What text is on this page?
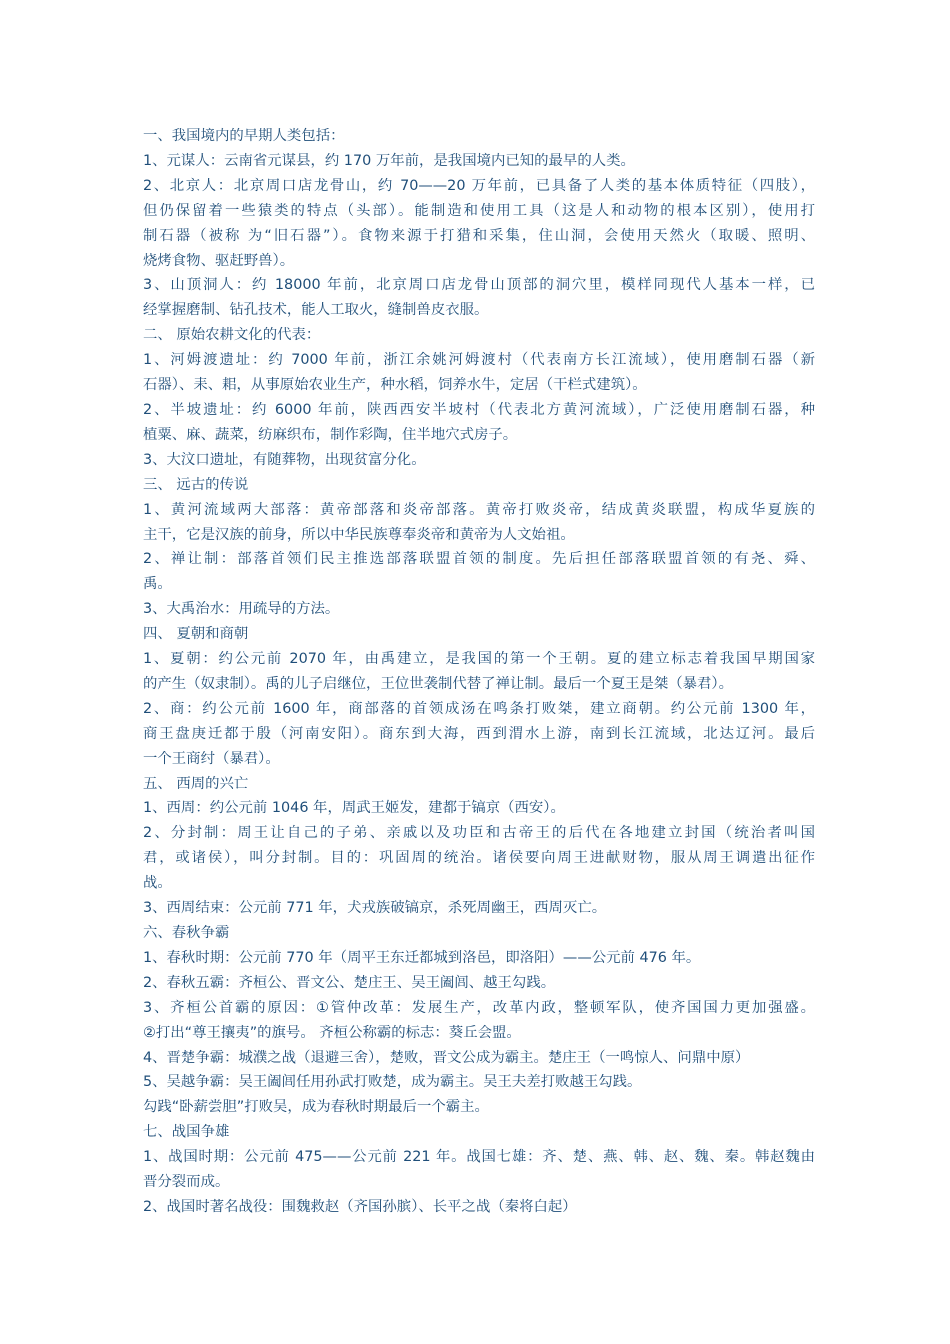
一、我国境内的早期人类包括：

1、元谋人：云南省元谋县，约 170 万年前，是我国境内已知的最早的人类。

2、北京人：北京周口店龙骨山，约 70——20 万年前，已具备了人类的基本体质特征（四肢），

但仍保留着一些猿类的特点（头部）。能制造和使用工具（这是人和动物的根本区别），使用打

制石器（被称 为“旧石器”）。食物来源于打猎和采集，住山洞，会使用天然火（取暖、照明、

烧烤食物、驱赶野兽）。

3、山顶洞人：约 18000 年前，北京周口店龙骨山顶部的洞穴里，模样同现代人基本一样，已

经掌握磨制、钻孔技术，能人工取火，缝制兽皮衣服。

二、 原始农耕文化的代表：

1、河姆渡遗址：约 7000 年前，浙江余姚河姆渡村（代表南方长江流域），使用磨制石器（新

石器）、耒、耜，从事原始农业生产，种水稻，饲养水牛，定居（干栏式建筑）。

2、半坡遗址：约 6000 年前，陕西西安半坡村（代表北方黄河流域），广泛使用磨制石器，种

植粟、麻、蔬菜，纺麻织布，制作彩陶，住半地穴式房子。

3、大汶口遗址，有随葬物，出现贫富分化。

三、 远古的传说

1、黄河流域两大部落：黄帝部落和炎帝部落。黄帝打败炎帝，结成黄炎联盟，构成华夏族的

主干，它是汉族的前身，所以中华民族尊奉炎帝和黄帝为人文始祖。

2、禅让制：部落首领们民主推选部落联盟首领的制度。先后担任部落联盟首领的有尧、舜、

禹。

3、大禹治水：用疏导的方法。

四、 夏朝和商朝

1、夏朝：约公元前 2070 年，由禹建立，是我国的第一个王朝。夏的建立标志着我国早期国家

的产生（奴隶制）。禹的儿子启继位，王位世袭制代替了禅让制。最后一个夏王是桀（暴君）。

2、商：约公元前 1600 年，商部落的首领成汤在鸣条打败桀，建立商朝。约公元前 1300 年，

商王盘庚迁都于殷（河南安阳）。商东到大海，西到渭水上游，南到长江流域，北达辽河。最后

一个王商纣（暴君）。

五、 西周的兴亡

1、西周：约公元前 1046 年，周武王姬发，建都于镐京（西安）。

2、分封制：周王让自己的子弟、亲戚以及功臣和古帝王的后代在各地建立封国（统治者叫国

君，或诸侯），叫分封制。目的：巩固周的统治。诸侯要向周王进献财物，服从周王调遣出征作

战。

3、西周结束：公元前 771 年，犬戎族破镐京，杀死周幽王，西周灭亡。

六、春秋争霸

1、春秋时期：公元前 770 年（周平王东迁都城到洛邑，即洛阳）——公元前 476 年。

2、春秋五霸：齐桓公、晋文公、楚庄王、吴王阖闾、越王勾践。

3、齐桓公首霸的原因：①管仲改革：发展生产，改革内政，整顿军队，使齐国国力更加强盛。

②打出“尊王攘夷”的旗号。 齐桓公称霸的标志：葵丘会盟。

4、晋楚争霸：城濮之战（退避三舍），楚败，晋文公成为霸主。楚庄王（一鸣惊人、问鼎中原）

5、吴越争霸：吴王阖闾任用孙武打败楚，成为霸主。吴王夫差打败越王勾践。

勾践“卧薪尝胆”打败吴，成为春秋时期最后一个霸主。

七、战国争雄

1、战国时期：公元前 475——公元前 221 年。战国七雄：齐、楚、燕、韩、赵、魏、秦。韩赵魏由

晋分裂而成。

2、战国时著名战役：围魏救赵（齐国孙膑）、长平之战（秦将白起）
